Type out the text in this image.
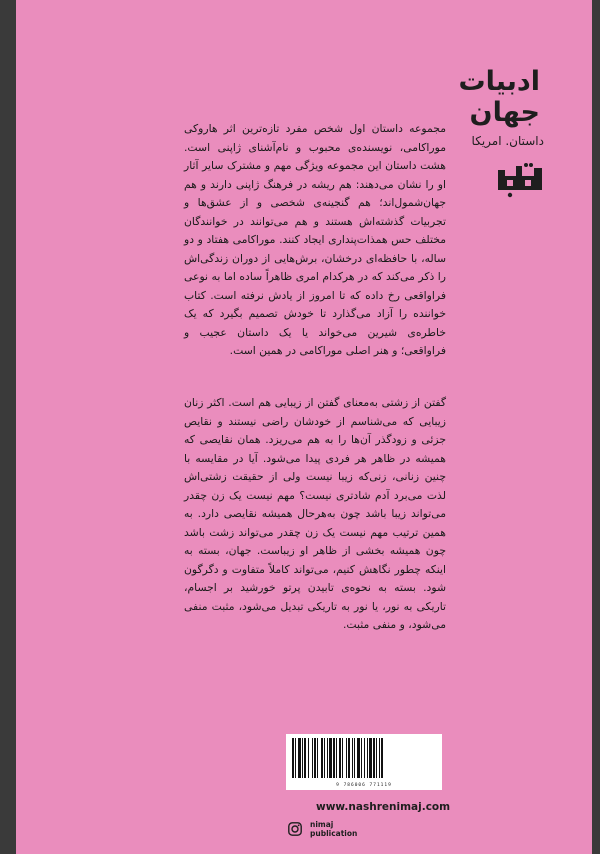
ادبیات
جهان
داستان. امریکا
مجموعه داستان اول شخص مفرد تازه‌ترین اثر هاروکی موراکامی، نویسنده‌ی محبوب و نام‌آشنای ژاپنی است. هشت داستان این مجموعه ویژگی مهم و مشترک سایر آثار او را نشان می‌دهند: هم ریشه در فرهنگ ژاپنی دارند و هم جهان‌شمول‌اند؛ هم گنجینه‌ی شخصی و از عشق‌ها و تجربیات گذشته‌اش هستند و هم می‌توانند در خوانندگان مختلف حس همذات‌پنداری ایجاد کنند. موراکامی هفتاد و دو ساله، با حافظه‌ای درخشان، برش‌هایی از دوران زندگی‌اش را ذکر می‌کند که در هرکدام امری ظاهراً ساده اما به نوعی فراواقعی رخ داده که تا امروز از یادش نرفته است. کتاب خواننده را آزاد می‌گذارد تا خودش تصمیم بگیرد که یک خاطره‌ی شیرین می‌خواند یا یک داستان عجیب و فراواقعی؛ و هنر اصلی موراکامی در همین است.
گفتن از زشتی به‌معنای گفتن از زیبایی هم است. اکثر زنان زیبایی که می‌شناسم از خودشان راضی نیستند و نقایص جزئی و زودگذر آن‌ها را به هم می‌ریزد. همان نقایصی که همیشه در ظاهر هر فردی پیدا می‌شود. آیا در مقایسه با چنین زنانی، زنی‌که زیبا نیست ولی از حقیقت زشتی‌اش لذت می‌برد آدم شادتری نیست؟ مهم نیست یک زن چقدر می‌تواند زیبا باشد چون به‌هرحال همیشه نقایصی دارد. به همین ترتیب مهم نیست یک زن چقدر می‌تواند زشت باشد چون همیشه بخشی از ظاهر او زیباست. جهان، بسته به اینکه چطور نگاهش کنیم، می‌تواند کاملاً متفاوت و دگرگون شود. بسته به نحوه‌ی تابیدن پرتو خورشید بر اجسام، تاریکی به نور، یا نور به تاریکی تبدیل می‌شود، مثبت منفی می‌شود، و منفی مثبت.
9 786006 771119
www.nashrenimaj.com
nimaj
publication
